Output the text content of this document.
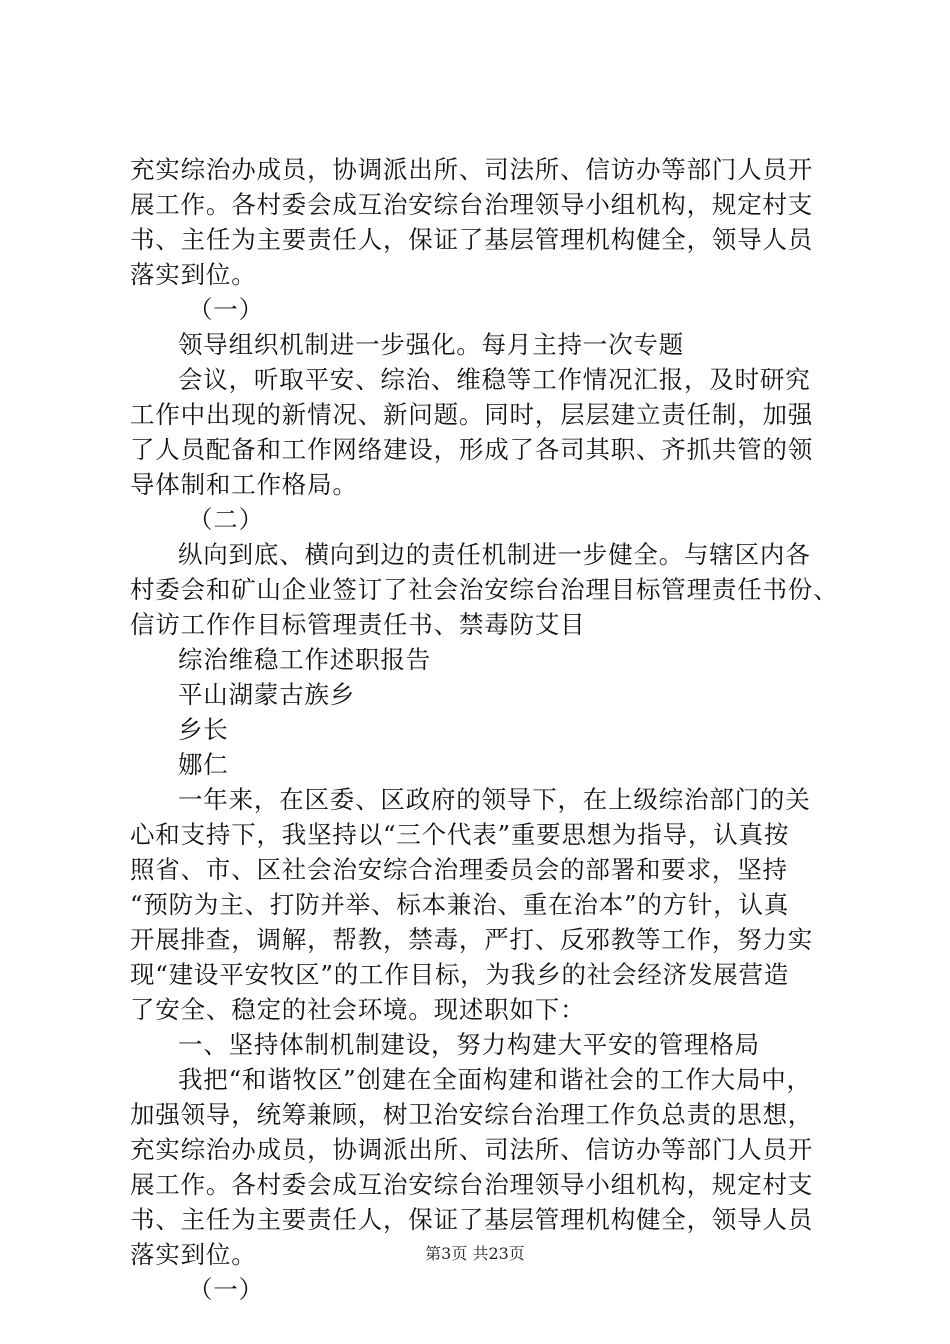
充实综治办成员，协调派出所、司法所、信访办等部门人员开
展工作。各村委会成互治安综台治理领导小组机构，规定村支
书、主任为主要责任人，保证了基层管理机构健全，领导人员
落实到位。
（一）
领导组织机制进一步强化。每月主持一次专题
会议，听取平安、综治、维稳等工作情况汇报，及时研究
工作中出现的新情况、新问题。同时，层层建立责任制，加强
了人员配备和工作网络建设，形成了各司其职、齐抓共管的领
导体制和工作格局。
（二）
纵向到底、横向到边的责任机制进一步健全。与辖区内各
村委会和矿山企业签订了社会治安综台治理目标管理责任书份、
信访工作作目标管理责任书、禁毒防艾目
综治维稳工作述职报告
平山湖蒙古族乡
乡长
娜仁
一年来，在区委、区政府的领导下，在上级综治部门的关
心和支持下，我坚持以“三个代表”重要思想为指导，认真按
照省、市、区社会治安综合治理委员会的部署和要求，坚持
“预防为主、打防并举、标本兼治、重在治本”的方针，认真
开展排查，调解，帮教，禁毒，严打、反邪教等工作，努力实
现“建设平安牧区”的工作目标，为我乡的社会经济发展营造
了安全、稳定的社会环境。现述职如下：
一、坚持体制机制建设，努力构建大平安的管理格局
我把“和谐牧区”创建在全面构建和谐社会的工作大局中，
加强领导，统筹兼顾，树卫治安综台治理工作负总责的思想，
充实综治办成员，协调派出所、司法所、信访办等部门人员开
展工作。各村委会成互治安综台治理领导小组机构，规定村支
书、主任为主要责任人，保证了基层管理机构健全，领导人员
落实到位。
（一）
第3页 共23页
